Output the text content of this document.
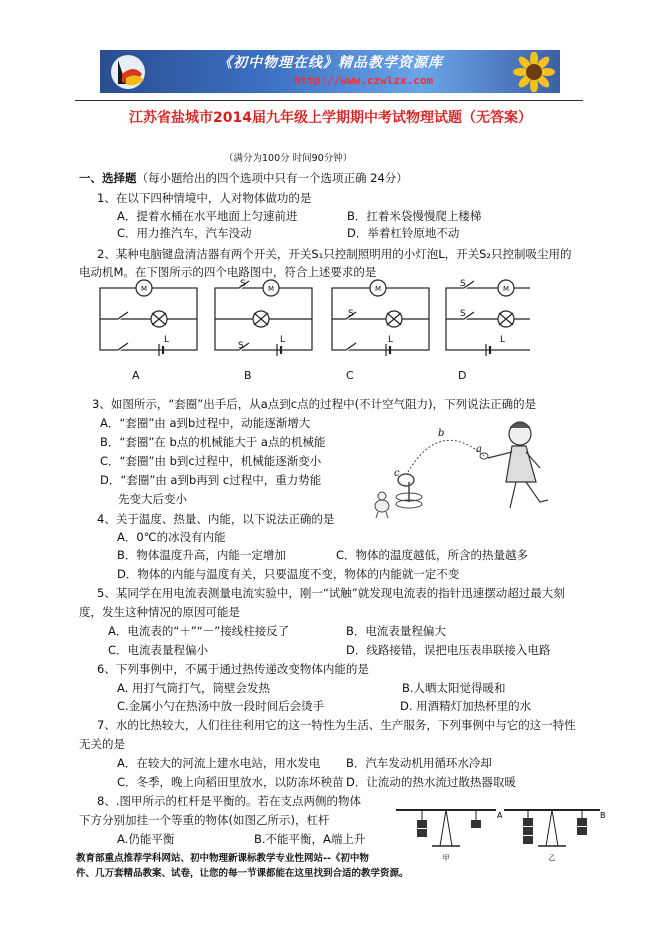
《初中物理在线》精品教学资源库
http://www.czwlzx.com
江苏省盐城市2014届九年级上学期期中考试物理试题（无答案）
（满分为100分 时间90分钟）
一、选择题（每小题给出的四个选项中只有一个选项正确 24分）
1、在以下四种情境中，人对物体做功的是
A．提着水桶在水平地面上匀速前进	B．扛着米袋慢慢爬上楼梯
C．用力推汽车，汽车没动	D．举着杠铃原地不动
2、某种电脑键盘清洁器有两个开关，开关S₁只控制照明用的小灯泡L，开关S₂只控制吸尘用的
电动机M。在下图所示的四个电路图中，符合上述要求的是
M	M	M	M
L	L	L	L
S
S
S
S
S
A	B	C	D
3、如图所示，“套圈”出手后，从a点到c点的过程中(不计空气阻力)，下列说法正确的是
A．“套圈”由 a到b过程中，动能逐渐增大
B．“套圈”在 b点的机械能大于 a点的机械能
C．“套圈”由 b到c过程中，机械能逐渐变小
D．“套圈”由 a到b再到 c过程中，重力势能
先变大后变小
a
b
c
4、关于温度、热量、内能，以下说法正确的是
A．0℃的冰没有内能
B．物体温度升高，内能一定增加	C．物体的温度越低，所含的热量越多
D．物体的内能与温度有关，只要温度不变，物体的内能就一定不变
5、某同学在用电流表测量电流实验中，刚一“试触”就发现电流表的指针迅速摆动超过最大刻
度，发生这种情况的原因可能是
A．电流表的“＋”“－”接线柱接反了	B．电流表量程偏大
C．电流表量程偏小	D．线路接错，误把电压表串联接入电路
6、下列事例中，不属于通过热传递改变物体内能的是
A. 用打气筒打气，筒壁会发热	B.人晒太阳觉得暖和
C.金属小勺在热汤中放一段时间后会烫手	D. 用酒精灯加热杯里的水
7、水的比热较大，人们往往利用它的这一特性为生活、生产服务，下列事例中与它的这一特性
无关的是
A．在较大的河流上建水电站，用水发电 B．汽车发动机用循环水冷却
C．冬季，晚上向稻田里放水，以防冻坏秧苗 D．让流动的热水流过散热器取暖
8、.图甲所示的杠杆是平衡的。若在支点两侧的物体
下方分别加挂一个等重的物体(如图乙所示)，杠杆
A.仍能平衡	B.不能平衡，A端上升
甲
A	B
乙
教育部重点推荐学科网站、初中物理新课标教学专业性网站--《初中物
件、几万套精品教案、试卷，让您的每一节课都能在这里找到合适的教学资源。
